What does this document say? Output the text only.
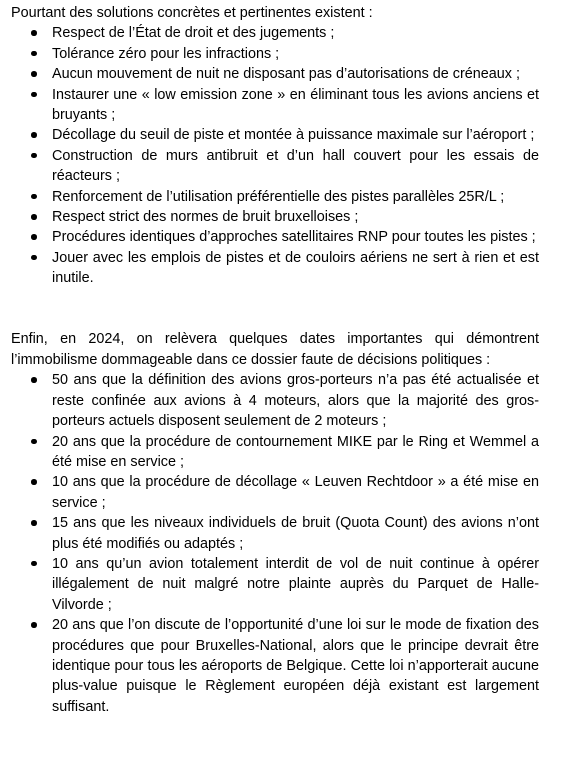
Pourtant des solutions concrètes et pertinentes existent :

Respect de l’État de droit et des jugements ;
Tolérance zéro pour les infractions ;
Aucun mouvement de nuit ne disposant pas d’autorisations de créneaux ;
Instaurer une « low emission zone » en éliminant tous les avions anciens et bruyants ;
Décollage du seuil de piste et montée à puissance maximale sur l’aéroport ;
Construction de murs antibruit et d’un hall couvert pour les essais de réacteurs ;
Renforcement de l’utilisation préférentielle des pistes parallèles 25R/L ;
Respect strict des normes de bruit bruxelloises ;
Procédures identiques d’approches satellitaires RNP pour toutes les pistes ;
Jouer avec les emplois de pistes et de couloirs aériens ne sert à rien et est inutile.

Enfin, en 2024, on relèvera quelques dates importantes qui démontrent l’immobilisme dommageable dans ce dossier faute de décisions politiques :

50 ans que la définition des avions gros-porteurs n’a pas été actualisée et reste confinée aux avions à 4 moteurs, alors que la majorité des gros-porteurs actuels disposent seulement de 2 moteurs ;
20 ans que la procédure de contournement MIKE par le Ring et Wemmel a été mise en service ;
10 ans que la procédure de décollage « Leuven Rechtdoor » a été mise en service ;
15 ans que les niveaux individuels de bruit (Quota Count) des avions n’ont plus été modifiés ou adaptés ;
10 ans qu’un avion totalement interdit de vol de nuit continue à opérer illégalement de nuit malgré notre plainte auprès du Parquet de Halle-Vilvorde ;
20 ans que l’on discute de l’opportunité d’une loi sur le mode de fixation des procédures que pour Bruxelles-National, alors que le principe devrait être identique pour tous les aéroports de Belgique. Cette loi n’apporterait aucune plus-value puisque le Règlement européen déjà existant est largement suffisant.
